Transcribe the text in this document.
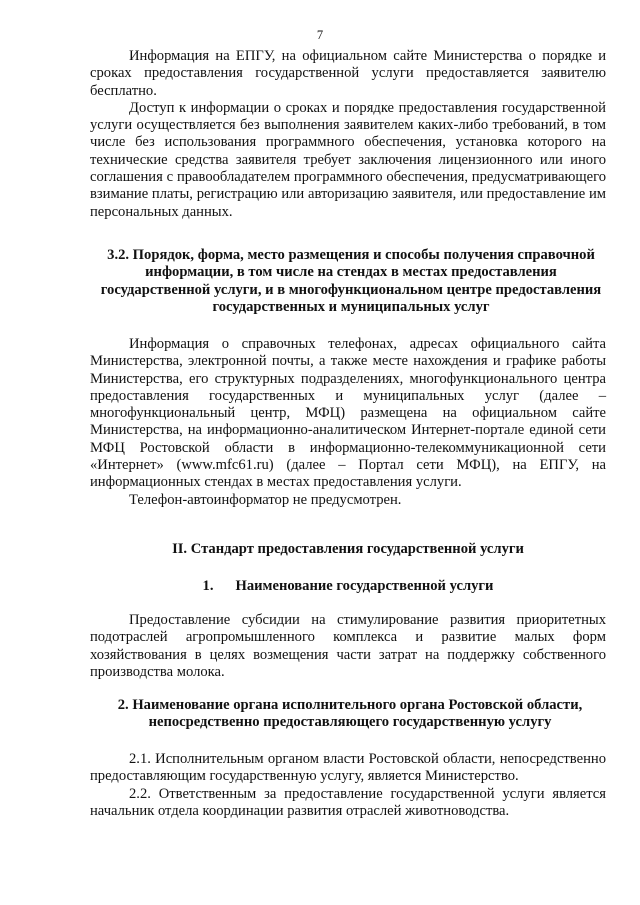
7

Информация на ЕПГУ, на официальном сайте Министерства о порядке и сроках предоставления государственной услуги предоставляется заявителю бесплатно.

Доступ к информации о сроках и порядке предоставления государственной услуги осуществляется без выполнения заявителем каких-либо требований, в том числе без использования программного обеспечения, установка которого на технические средства заявителя требует заключения лицензионного или иного соглашения с правообладателем программного обеспечения, предусматривающего взимание платы, регистрацию или авторизацию заявителя, или предоставление им персональных данных.

3.2. Порядок, форма, место размещения и способы получения справочной информации, в том числе на стендах в местах предоставления государственной услуги, и в многофункциональном центре предоставления государственных и муниципальных услуг

Информация о справочных телефонах, адресах официального сайта Министерства, электронной почты, а также месте нахождения и графике работы Министерства, его структурных подразделениях, многофункционального центра предоставления государственных и муниципальных услуг (далее – многофункциональный центр, МФЦ) размещена на официальном сайте Министерства, на информационно-аналитическом Интернет-портале единой сети МФЦ Ростовской области в информационно-телекоммуникационной сети «Интернет» (www.mfc61.ru) (далее – Портал сети МФЦ), на ЕПГУ, на информационных стендах в местах предоставления услуги.

Телефон-автоинформатор не предусмотрен.

II. Стандарт предоставления государственной услуги

1. Наименование государственной услуги

Предоставление субсидии на стимулирование развития приоритетных подотраслей агропромышленного комплекса и развитие малых форм хозяйствования в целях возмещения части затрат на поддержку собственного производства молока.

2. Наименование органа исполнительного органа Ростовской области, непосредственно предоставляющего государственную услугу

2.1. Исполнительным органом власти Ростовской области, непосредственно предоставляющим государственную услугу, является Министерство.

2.2. Ответственным за предоставление государственной услуги является начальник отдела координации развития отраслей животноводства.
